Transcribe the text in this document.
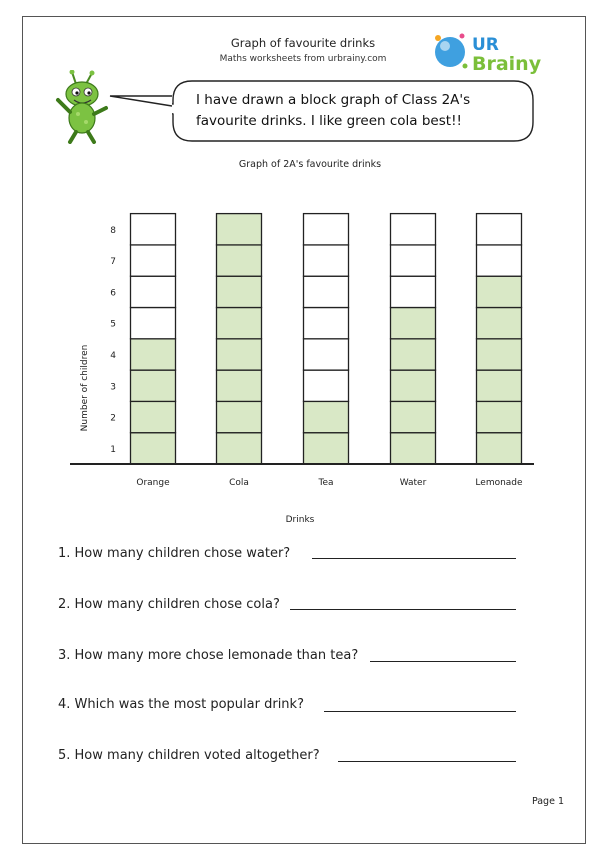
Graph of favourite drinks
Maths worksheets from urbrainy.com
UR
Brainy
I have drawn a block graph of Class 2A's
favourite drinks. I like green cola best!!
Graph of 2A's favourite drinks
Number of children
Drinks
1
2
3
4
5
6
7
8
Orange	Cola	Tea	Water	Lemonade
1. How many children chose water?
2. How many children chose cola?
3. How many more chose lemonade than tea?
4. Which was the most popular drink?
5. How many children voted altogether?
Page 1
